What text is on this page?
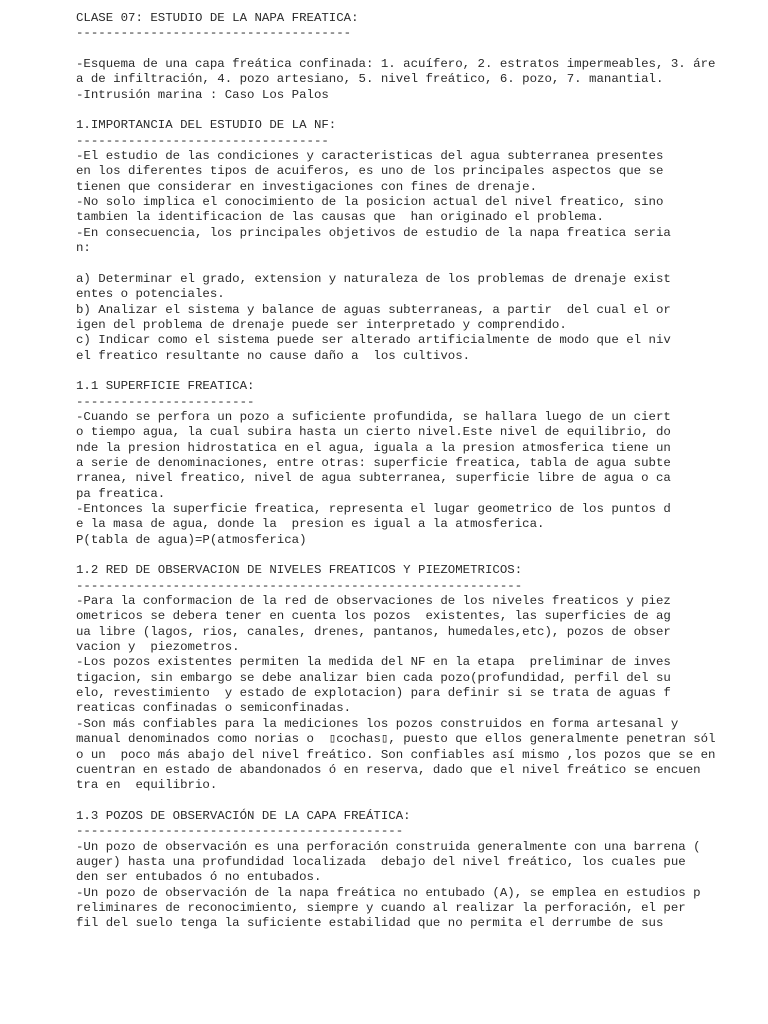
CLASE 07: ESTUDIO DE LA NAPA FREATICA:
-------------------------------------

-Esquema de una capa freática confinada: 1. acuífero, 2. estratos impermeables, 3. áre
a de infiltración, 4. pozo artesiano, 5. nivel freático, 6. pozo, 7. manantial.
-Intrusión marina : Caso Los Palos

1.IMPORTANCIA DEL ESTUDIO DE LA NF:
----------------------------------
-El estudio de las condiciones y caracteristicas del agua subterranea presentes
en los diferentes tipos de acuiferos, es uno de los principales aspectos que se
tienen que considerar en investigaciones con fines de drenaje.
-No solo implica el conocimiento de la posicion actual del nivel freatico, sino
tambien la identificacion de las causas que  han originado el problema.
-En consecuencia, los principales objetivos de estudio de la napa freatica seria
n:

a) Determinar el grado, extension y naturaleza de los problemas de drenaje exist
entes o potenciales.
b) Analizar el sistema y balance de aguas subterraneas, a partir  del cual el or
igen del problema de drenaje puede ser interpretado y comprendido.
c) Indicar como el sistema puede ser alterado artificialmente de modo que el niv
el freatico resultante no cause daño a  los cultivos.

1.1 SUPERFICIE FREATICA:
------------------------
-Cuando se perfora un pozo a suficiente profundida, se hallara luego de un ciert
o tiempo agua, la cual subira hasta un cierto nivel.Este nivel de equilibrio, do
nde la presion hidrostatica en el agua, iguala a la presion atmosferica tiene un
a serie de denominaciones, entre otras: superficie freatica, tabla de agua subte
rranea, nivel freatico, nivel de agua subterranea, superficie libre de agua o ca
pa freatica.
-Entonces la superficie freatica, representa el lugar geometrico de los puntos d
e la masa de agua, donde la  presion es igual a la atmosferica.
P(tabla de agua)=P(atmosferica)

1.2 RED DE OBSERVACION DE NIVELES FREATICOS Y PIEZOMETRICOS:
------------------------------------------------------------
-Para la conformacion de la red de observaciones de los niveles freaticos y piez
ometricos se debera tener en cuenta los pozos  existentes, las superficies de ag
ua libre (lagos, rios, canales, drenes, pantanos, humedales,etc), pozos de obser
vacion y  piezometros.
-Los pozos existentes permiten la medida del NF en la etapa  preliminar de inves
tigacion, sin embargo se debe analizar bien cada pozo(profundidad, perfil del su
elo, revestimiento  y estado de explotacion) para definir si se trata de aguas f
reaticas confinadas o semiconfinadas.
-Son más confiables para la mediciones los pozos construidos en forma artesanal y
manual denominados como norias o  ▯cochas▯, puesto que ellos generalmente penetran sól
o un  poco más abajo del nivel freático. Son confiables así mismo ,los pozos que se en
cuentran en estado de abandonados ó en reserva, dado que el nivel freático se encuen
tra en  equilibrio.

1.3 POZOS DE OBSERVACIÓN DE LA CAPA FREÁTICA:
--------------------------------------------
-Un pozo de observación es una perforación construida generalmente con una barrena (
auger) hasta una profundidad localizada  debajo del nivel freático, los cuales pue
den ser entubados ó no entubados.
-Un pozo de observación de la napa freática no entubado (A), se emplea en estudios p
reliminares de reconocimiento, siempre y cuando al realizar la perforación, el per
fil del suelo tenga la suficiente estabilidad que no permita el derrumbe de sus
